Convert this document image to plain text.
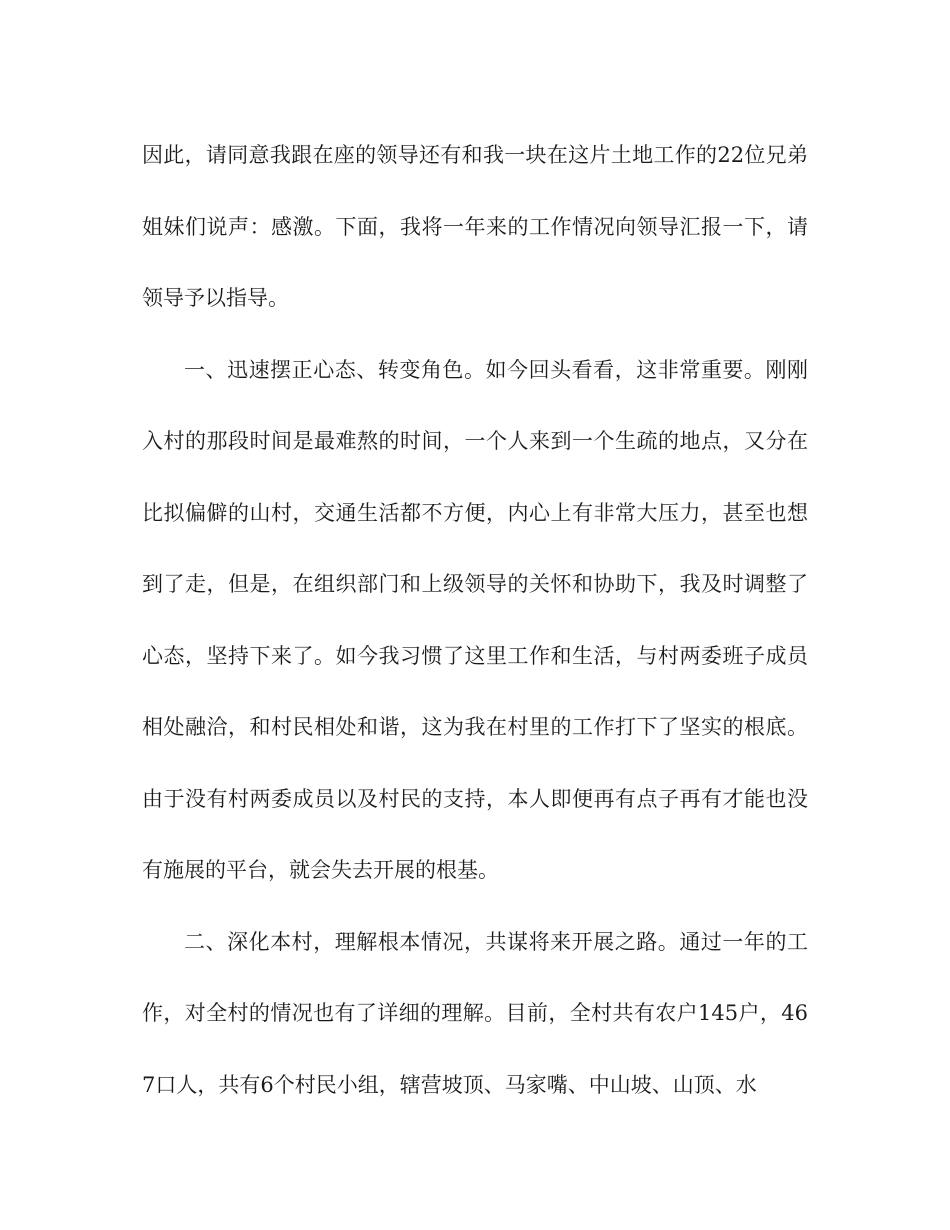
因此，请同意我跟在座的领导还有和我一块在这片土地工作的22位兄弟姐妹们说声：感激。下面，我将一年来的工作情况向领导汇报一下，请领导予以指导。

一、迅速摆正心态、转变角色。如今回头看看，这非常重要。刚刚入村的那段时间是最难熬的时间，一个人来到一个生疏的地点，又分在比拟偏僻的山村，交通生活都不方便，内心上有非常大压力，甚至也想到了走，但是，在组织部门和上级领导的关怀和协助下，我及时调整了心态，坚持下来了。如今我习惯了这里工作和生活，与村两委班子成员相处融洽，和村民相处和谐，这为我在村里的工作打下了坚实的根底。由于没有村两委成员以及村民的支持，本人即便再有点子再有才能也没有施展的平台，就会失去开展的根基。

二、深化本村，理解根本情况，共谋将来开展之路。通过一年的工作，对全村的情况也有了详细的理解。目前，全村共有农户145户，467口人，共有6个村民小组，辖营坡顶、马家嘴、中山坡、山顶、水
